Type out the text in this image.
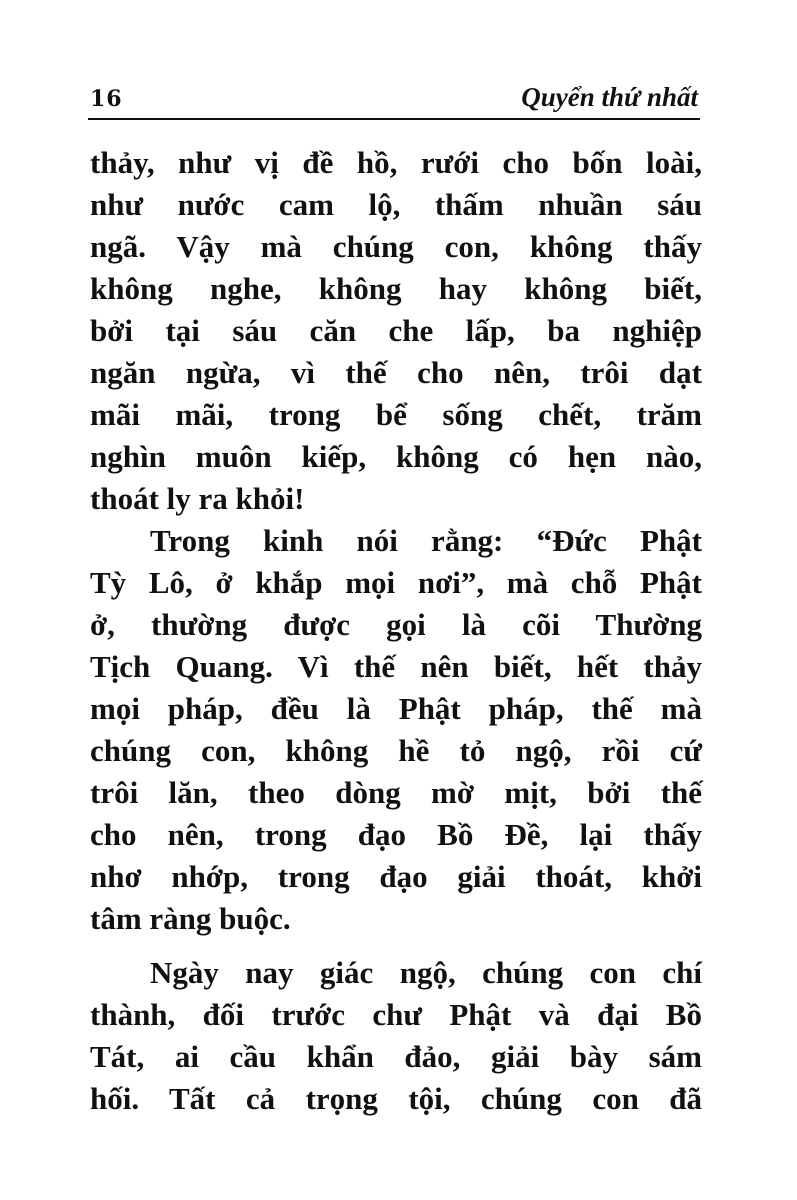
16	Quyển thứ nhất
thảy, như vị đề hồ, rưới cho bốn loài,
như nước cam lộ, thấm nhuần sáu
ngã. Vậy mà chúng con, không thấy
không nghe, không hay không biết,
bởi tại sáu căn che lấp, ba nghiệp
ngăn ngừa, vì thế cho nên, trôi dạt
mãi mãi, trong bể sống chết, trăm
nghìn muôn kiếp, không có hẹn nào,
thoát ly ra khỏi!
Trong kinh nói rằng: “Đức Phật
Tỳ Lô, ở khắp mọi nơi”, mà chỗ Phật
ở, thường được gọi là cõi Thường
Tịch Quang. Vì thế nên biết, hết thảy
mọi pháp, đều là Phật pháp, thế mà
chúng con, không hề tỏ ngộ, rồi cứ
trôi lăn, theo dòng mờ mịt, bởi thế
cho nên, trong đạo Bồ Đề, lại thấy
nhơ nhớp, trong đạo giải thoát, khởi
tâm ràng buộc.
Ngày nay giác ngộ, chúng con chí
thành, đối trước chư Phật và đại Bồ
Tát, ai cầu khẩn đảo, giải bày sám
hối. Tất cả trọng tội, chúng con đã
